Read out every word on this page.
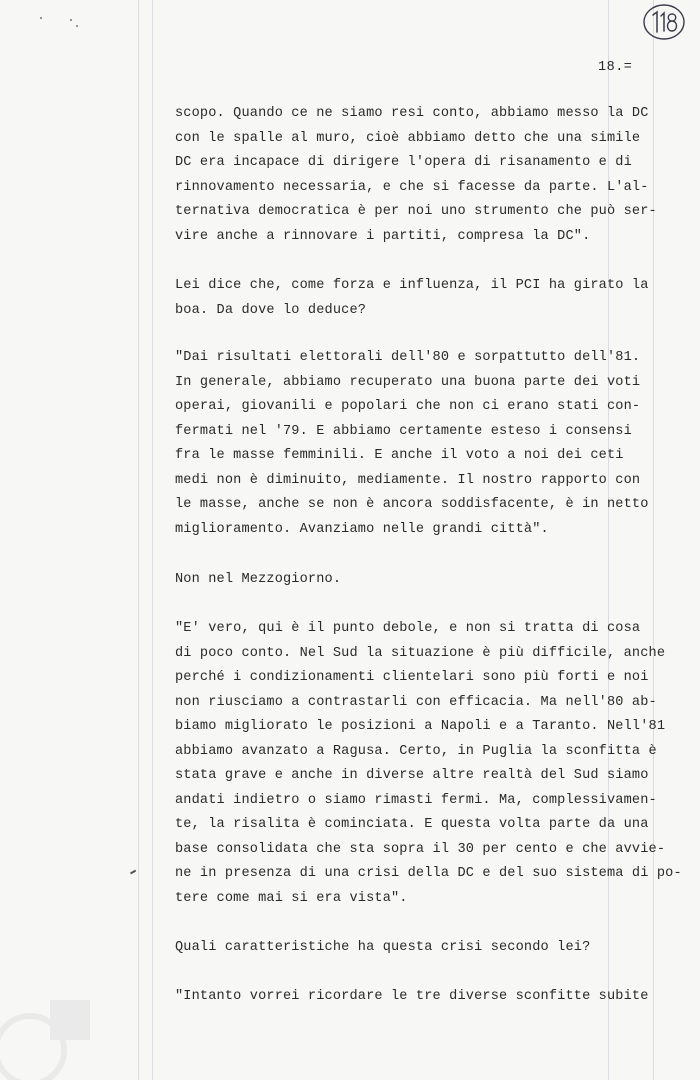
18.=
scopo. Quando ce ne siamo resi conto, abbiamo messo la DC
con le spalle al muro, cioè abbiamo detto che una simile
DC era incapace di dirigere l'opera di risanamento e di
rinnovamento necessaria, e che si facesse da parte. L'al-
ternativa democratica è per noi uno strumento che può ser-
vire anche a rinnovare i partiti, compresa la DC".
Lei dice che, come forza e influenza, il PCI ha girato la
boa. Da dove lo deduce?
"Dai risultati elettorali dell'80 e sorpattutto dell'81.
In generale, abbiamo recuperato una buona parte dei voti
operai, giovanili e popolari che non ci erano stati con-
fermati nel '79. E abbiamo certamente esteso i consensi
fra le masse femminili. E anche il voto a noi dei ceti
medi non è diminuito, mediamente. Il nostro rapporto con
le masse, anche se non è ancora soddisfacente, è in netto
miglioramento. Avanziamo nelle grandi città".
Non nel Mezzogiorno.
"E' vero, qui è il punto debole, e non si tratta di cosa
di poco conto. Nel Sud la situazione è più difficile, anche
perché i condizionamenti clientelari sono più forti e noi
non riusciamo a contrastarli con efficacia. Ma nell'80 ab-
biamo migliorato le posizioni a Napoli e a Taranto. Nell'81
abbiamo avanzato a Ragusa. Certo, in Puglia la sconfitta è
stata grave e anche in diverse altre realtà del Sud siamo
andati indietro o siamo rimasti fermi. Ma, complessivamen-
te, la risalita è cominciata. E questa volta parte da una
base consolidata che sta sopra il 30 per cento e che avvie-
ne in presenza di una crisi della DC e del suo sistema di po-
tere come mai si era vista".
Quali caratteristiche ha questa crisi secondo lei?
"Intanto vorrei ricordare le tre diverse sconfitte subite
